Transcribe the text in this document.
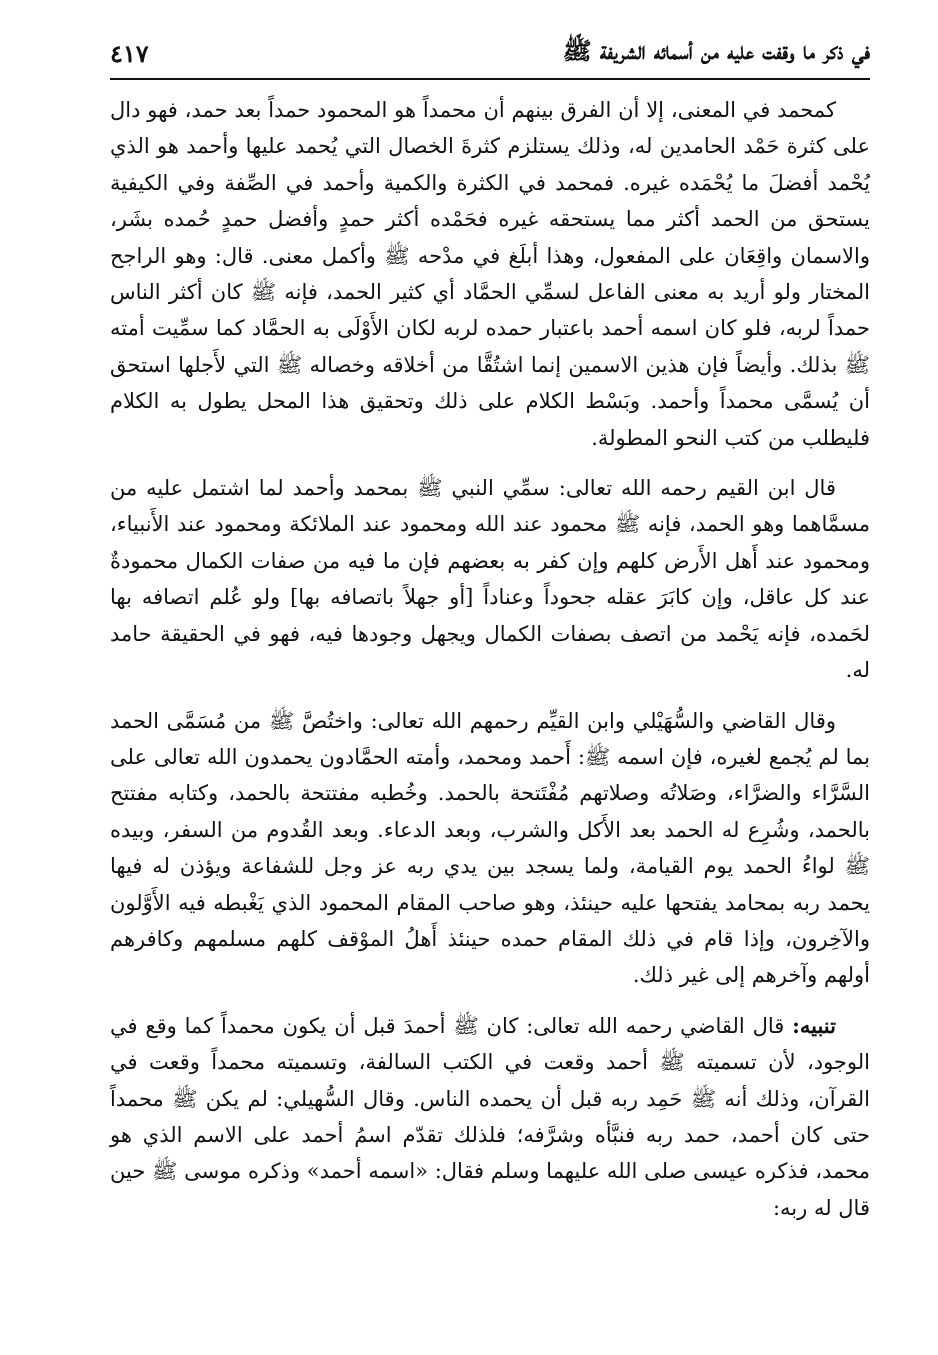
في ذكر ما وقفت عليه من أسمائه الشريفة ﷺ
٤١٧

كمحمد في المعنى، إلا أن الفرق بينهم أن محمداً هو المحمود حمداً بعد حمد، فهو دال على كثرة حَمْد الحامدين له، وذلك يستلزم كثرةَ الخصال التي يُحمد عليها وأحمد هو الذي يُحْمد أفضلَ ما يُحْمَده غيره. فمحمد في الكثرة والكمية وأحمد في الصِّفة وفي الكيفية يستحق من الحمد أكثر مما يستحقه غيره فحَمْده أكثر حمدٍ وأفضل حمدٍ حُمده بشَر، والاسمان واقِعَان على المفعول، وهذا أبلَغ في مدْحه ﷺ وأكمل معنى. قال: وهو الراجح المختار ولو أريد به معنى الفاعل لسمِّي الحمَّاد أي كثير الحمد، فإنه ﷺ كان أكثر الناس حمداً لربه، فلو كان اسمه أحمد باعتبار حمده لربه لكان الأَوْلَى به الحمَّاد كما سمِّيت أمته ﷺ بذلك. وأيضاً فإن هذين الاسمين إنما اشتُقَّا من أخلاقه وخصاله ﷺ التي لأَجلها استحق أن يُسمَّى محمداً وأحمد. وبَسْط الكلام على ذلك وتحقيق هذا المحل يطول به الكلام فليطلب من كتب النحو المطولة.

قال ابن القيم رحمه الله تعالى: سمِّي النبي ﷺ بمحمد وأحمد لما اشتمل عليه من مسمَّاهما وهو الحمد، فإنه ﷺ محمود عند الله ومحمود عند الملائكة ومحمود عند الأَنبياء، ومحمود عند أَهل الأَرض كلهم وإن كفر به بعضهم فإن ما فيه من صفات الكمال محمودةٌ عند كل عاقل، وإن كابَرَ عقله جحوداً وعناداً [أو جهلاً باتصافه بها] ولو عُلم اتصافه بها لحَمده، فإنه يَحْمد من اتصف بصفات الكمال ويجهل وجودها فيه، فهو في الحقيقة حامد له.

وقال القاضي والسُّهَيْلي وابن القيِّم رحمهم الله تعالى: واختُصَّ ﷺ من مُسَمَّى الحمد بما لم يُجمع لغيره، فإن اسمه ﷺ: أَحمد ومحمد، وأمته الحمَّادون يحمدون الله تعالى على السَّرَّاء والضرَّاء، وصَلاتُه وصلاتهم مُفْتَتحة بالحمد. وخُطبه مفتتحة بالحمد، وكتابه مفتتح بالحمد، وشُرِع له الحمد بعد الأَكل والشرب، وبعد الدعاء. وبعد القُدوم من السفر، وبيده ﷺ لواءُ الحمد يوم القيامة، ولما يسجد بين يدي ربه عز وجل للشفاعة ويؤذن له فيها يحمد ربه بمحامد يفتحها عليه حينئذ، وهو صاحب المقام المحمود الذي يَغْبطه فيه الأَوَّلون والآخِرون، وإذا قام في ذلك المقام حمده حينئذ أَهلُ الموْقف كلهم مسلمهم وكافرهم أولهم وآخرهم إلى غير ذلك.

تنبيه: قال القاضي رحمه الله تعالى: كان ﷺ أحمدَ قبل أن يكون محمداً كما وقع في الوجود، لأن تسميته ﷺ أحمد وقعت في الكتب السالفة، وتسميته محمداً وقعت في القرآن، وذلك أنه ﷺ حَمِد ربه قبل أن يحمده الناس. وقال السُّهيلي: لم يكن ﷺ محمداً حتى كان أحمد، حمد ربه فنبَّأه وشرَّفه؛ فلذلك تقدّم اسمُ أحمد على الاسم الذي هو محمد، فذكره عيسى صلى الله عليهما وسلم فقال: «اسمه أحمد» وذكره موسى ﷺ حين قال له ربه:
